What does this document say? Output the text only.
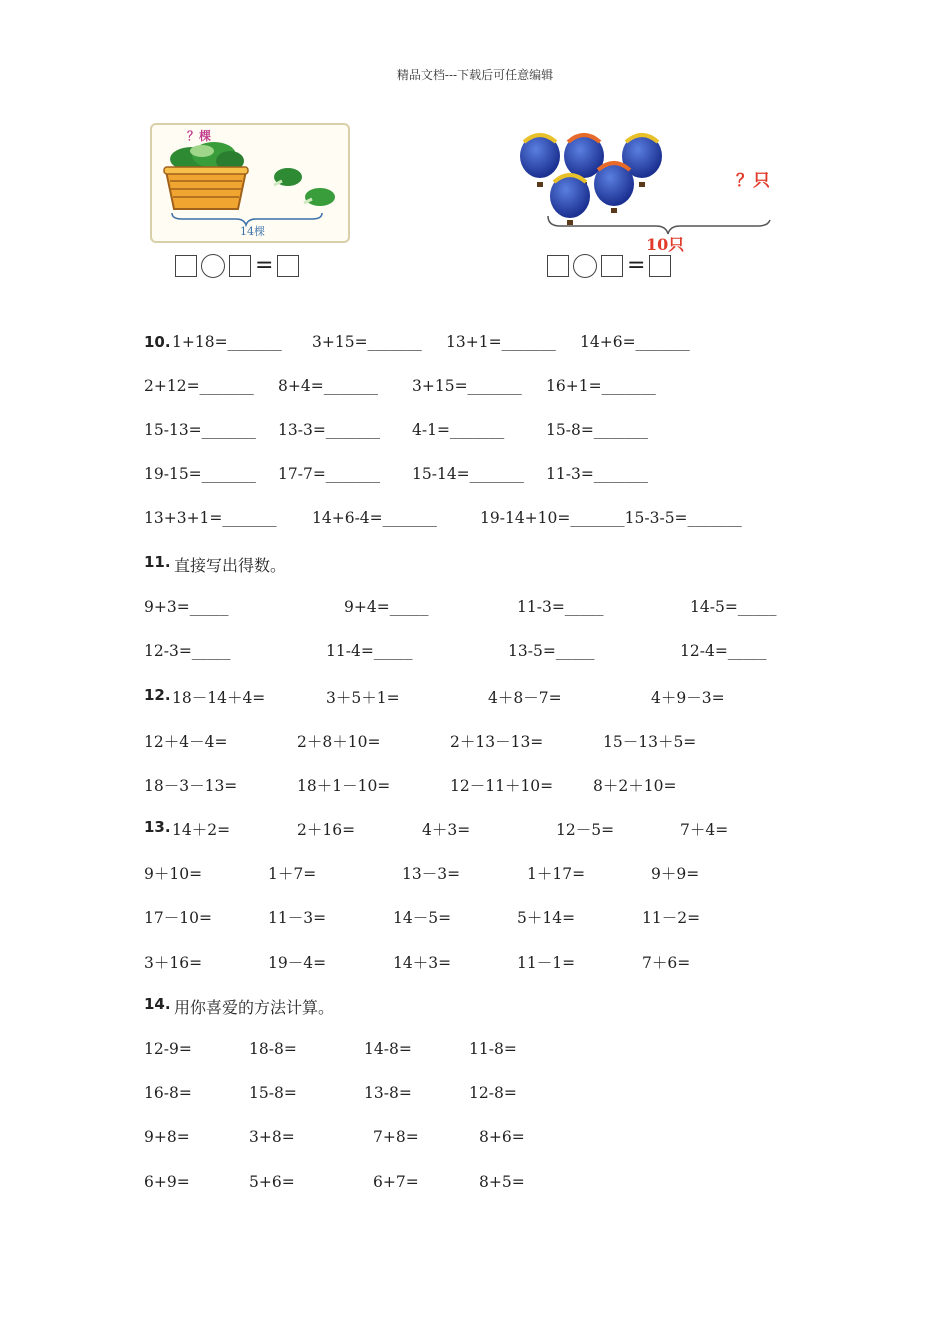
精品文档---下载后可任意编辑
？棵
14棵
=
？只
10只
=
10. 1+18=_______ 3+15=_______ 13+1=_______ 14+6=_______
2+12=_______ 8+4=_______ 3+15=_______ 16+1=_______
15-13=_______ 13-3=_______ 4-1=_______	15-8=_______
19-15=_______ 17-7=_______ 15-14=_______ 11-3=_______
13+3+1=_______ 14+6-4=_______	19-14+10=_______15-3-5=_______
11. 直接写出得数。
9+3=_____	9+4=_____	11-3=_____	14-5=_____
12-3=_____	11-4=_____	13-5=_____	12-4=_____
12. 18－14＋4=	3＋5＋1=	4＋8－7=	4＋9－3=
12＋4－4=	2＋8＋10=	2＋13－13=	15－13＋5=
18－3－13=	18＋1－10=	12－11＋10=	8＋2＋10=
13. 14＋2=	2＋16=	4＋3=	12－5=	7＋4=
9＋10=	1＋7=	13－3=	1＋17=	9＋9=
17－10=	11－3=	14－5=	5＋14=	11－2=
3＋16=	19－4=	14＋3=	11－1=	7＋6=
14. 用你喜爱的方法计算。
12-9=	18-8=	14-8=	11-8=
16-8=	15-8=	13-8=	12-8=
9+8=	3+8=	7+8=	8+6=
6+9=	5+6=	6+7=	8+5=
